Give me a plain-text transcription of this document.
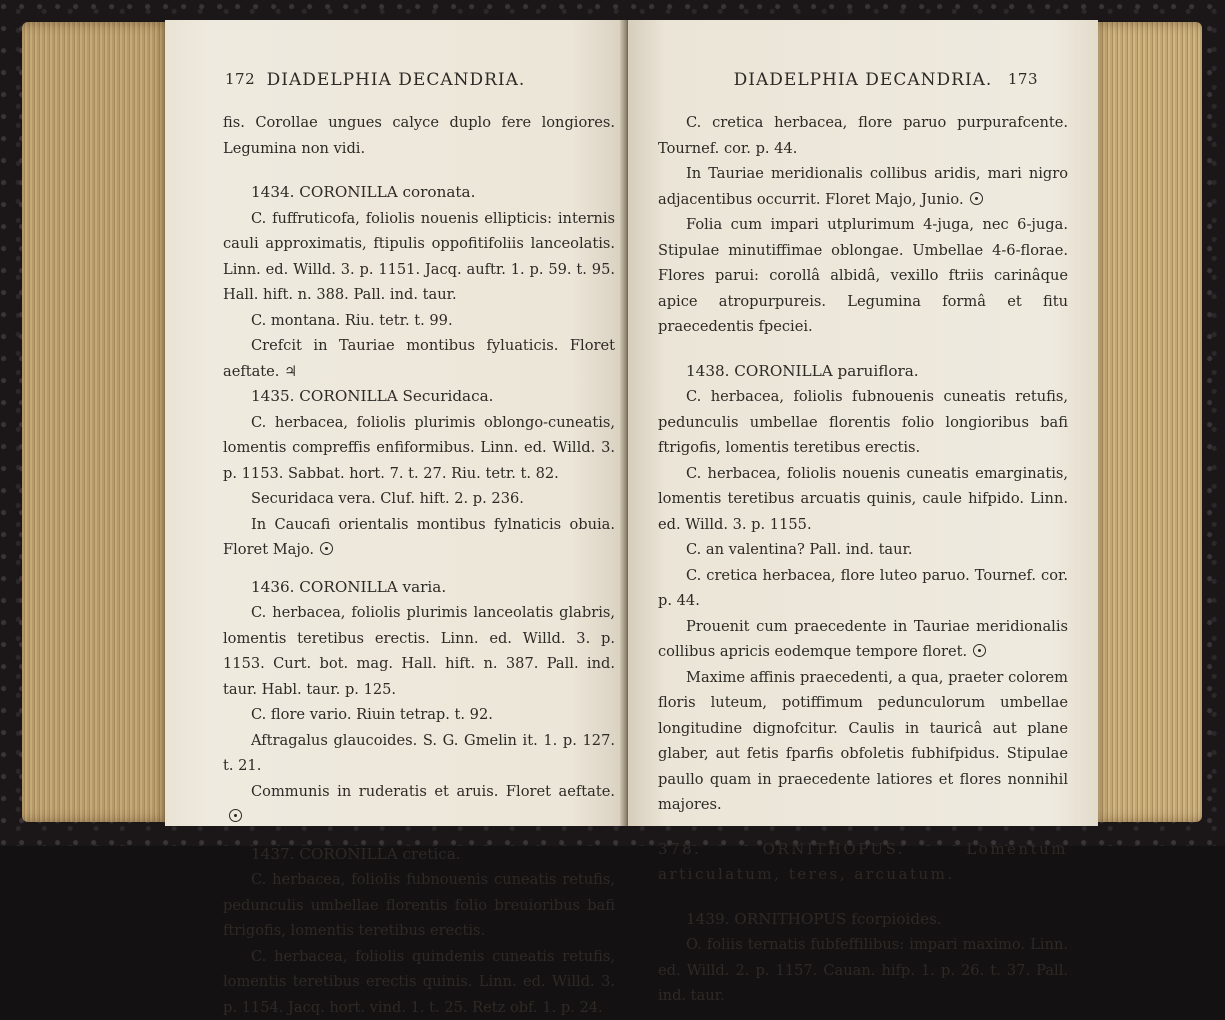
172 DIADELPHIA DECANDRIA.

fis. Corollae ungues calyce duplo fere longiores. Legumina non vidi.

1434. CORONILLA coronata.

C. fuffruticofa, foliolis nouenis ellipticis: internis cauli approximatis, ftipulis oppofitifoliis lanceolatis. Linn. ed. Willd. 3. p. 1151. Jacq. auftr. 1. p. 59. t. 95. Hall. hift. n. 388. Pall. ind. taur.

C. montana. Riu. tetr. t. 99.

Crefcit in Tauriae montibus fyluaticis. Floret aeftate. ♃

1435. CORONILLA Securidaca.

C. herbacea, foliolis plurimis oblongo-cuneatis, lomentis compreffis enfiformibus. Linn. ed. Willd. 3. p. 1153. Sabbat. hort. 7. t. 27. Riu. tetr. t. 82.

Securidaca vera. Cluf. hift. 2. p. 236.

In Caucafi orientalis montibus fylnaticis obuia. Floret Majo.

1436. CORONILLA varia.

C. herbacea, foliolis plurimis lanceolatis glabris, lomentis teretibus erectis. Linn. ed. Willd. 3. p. 1153. Curt. bot. mag. Hall. hift. n. 387. Pall. ind. taur. Habl. taur. p. 125.

C. flore vario. Riuin tetrap. t. 92.

Aftragalus glaucoides. S. G. Gmelin it. 1. p. 127. t. 21.

Communis in ruderatis et aruis. Floret aeftate.

1437. CORONILLA cretica.

C. herbacea, foliolis fubnouenis cuneatis retufis, pedunculis umbellae florentis folio breuioribus bafi ftrigofis, lomentis teretibus erectis.

C. herbacea, foliolis quindenis cuneatis retufis, lomentis teretibus erectis quinis. Linn. ed. Willd. 3. p. 1154. Jacq. hort. vind. 1. t. 25. Retz obf. 1. p. 24.

DIADELPHIA DECANDRIA.	173

C. cretica herbacea, flore paruo purpurafcente. Tournef. cor. p. 44.

In Tauriae meridionalis collibus aridis, mari nigro adjacentibus occurrit. Floret Majo, Junio.

Folia cum impari utplurimum 4-juga, nec 6-juga. Stipulae minutiffimae oblongae. Umbellae 4-6-florae. Flores parui: corollâ albidâ, vexillo ftriis carinâque apice atropurpureis. Legumina formâ et fitu praecedentis fpeciei.

1438. CORONILLA paruiflora.

C. herbacea, foliolis fubnouenis cuneatis retufis, pedunculis umbellae florentis folio longioribus bafi ftrigofis, lomentis teretibus erectis.

C. herbacea, foliolis nouenis cuneatis emarginatis, lomentis teretibus arcuatis quinis, caule hifpido. Linn. ed. Willd. 3. p. 1155.

C. an valentina? Pall. ind. taur.

C. cretica herbacea, flore luteo paruo. Tournef. cor. p. 44.

Prouenit cum praecedente in Tauriae meridionalis collibus apricis eodemque tempore floret.

Maxime affinis praecedenti, a qua, praeter colorem floris luteum, potiffimum pedunculorum umbellae longitudine dignofcitur. Caulis in tauricâ aut plane glaber, aut fetis fparfis obfoletis fubhifpidus. Stipulae paullo quam in praecedente latiores et flores nonnihil majores.

378. ORNITHOPUS. Lomentum articulatum, teres, arcuatum.

1439. ORNITHOPUS fcorpioides.

O. foliis ternatis fubfeffilibus: impari maximo. Linn. ed. Willd. 2. p. 1157. Cauan. hifp. 1. p. 26. t. 37. Pall. ind. taur.
